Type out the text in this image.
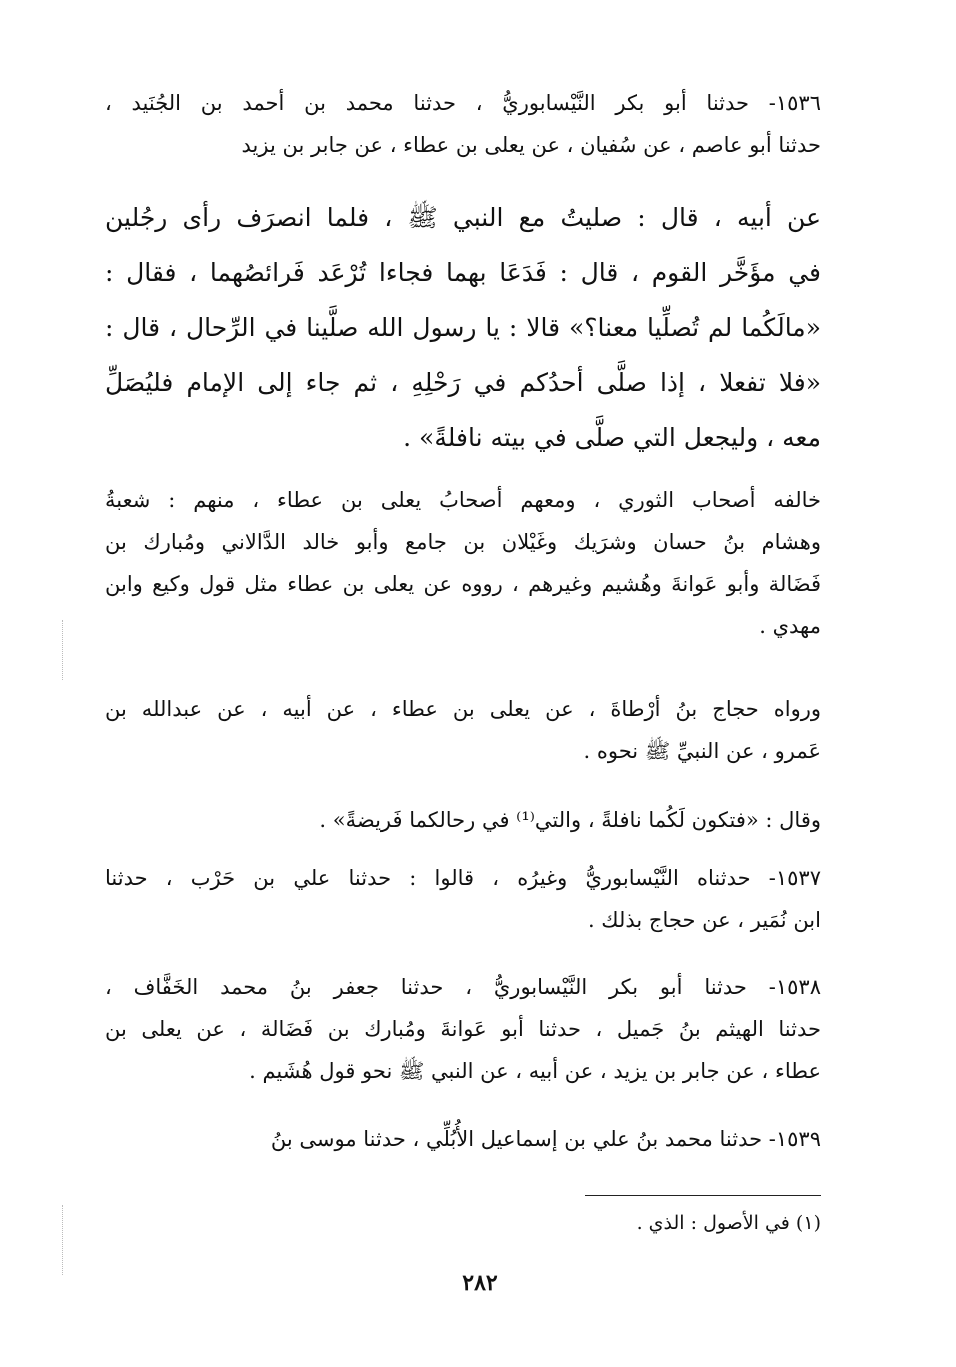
١٥٣٦- حدثنا أبو بكر النَّيْسابوريُّ ، حدثنا محمد بن أحمد بن الجُنَيد ،
حدثنا أبو عاصم ، عن سُفيان ، عن يعلى بن عطاء ، عن جابر بن يزيد
عن أبيه ، قال : صليتُ مع النبي ﷺ ، فلما انصرَف رأى رجُلين
في مؤَخَّر القوم ، قال : فَدَعَا بهما فجاءا تُرْعَد فَرائصُهما ، فقال :
«مالَكُما لم تُصلِّيا معنا؟» قالا : يا رسول الله صلَّينا في الرِّحال ، قال :
«فلا تفعلا ، إذا صلَّى أحدُكم في رَحْلِهِ ، ثم جاء إلى الإمام فليُصَلِّ
معه ، وليجعل التي صلَّى في بيته نافلةً» .
خالفه أصحاب الثوري ، ومعهم أصحابُ يعلى بن عطاء ، منهم : شعبةُ
وهشام بنُ حسان وشرَيك وغَيْلان بن جامع وأبو خالد الدَّالاني ومُبارك بن
فَضَالة وأبو عَوانةَ وهُشيم وغيرهم ، رووه عن يعلى بن عطاء مثل قول وكيع وابن
مهدي .
ورواه حجاج بنُ أرْطاةَ ، عن يعلى بن عطاء ، عن أبيه ، عن عبدالله بن
عَمرو ، عن النبيِّ ﷺ نحوه .
وقال : «فتكون لَكُما نافلةً ، والتي⁽¹⁾ في رحالكما فَريضةً» .
١٥٣٧- حدثناه النَّيْسابوريُّ وغيرُه ، قالوا : حدثنا علي بن حَرْب ، حدثنا
ابن نُمَير ، عن حجاج بذلك .
١٥٣٨- حدثنا أبو بكر النَّيْسابوريُّ ، حدثنا جعفر بنُ محمد الخَفَّاف ،
حدثنا الهيثم بنُ جَميل ، حدثنا أبو عَوانةَ ومُبارك بن فَضَالة ، عن يعلى بن
عطاء ، عن جابر بن يزيد ، عن أبيه ، عن النبي ﷺ نحو قول هُشَيم .
١٥٣٩- حدثنا محمد بنُ علي بن إسماعيل الأُبُلِّي ، حدثنا موسى بنُ
(١) في الأصول : الذي .
٢٨٢
